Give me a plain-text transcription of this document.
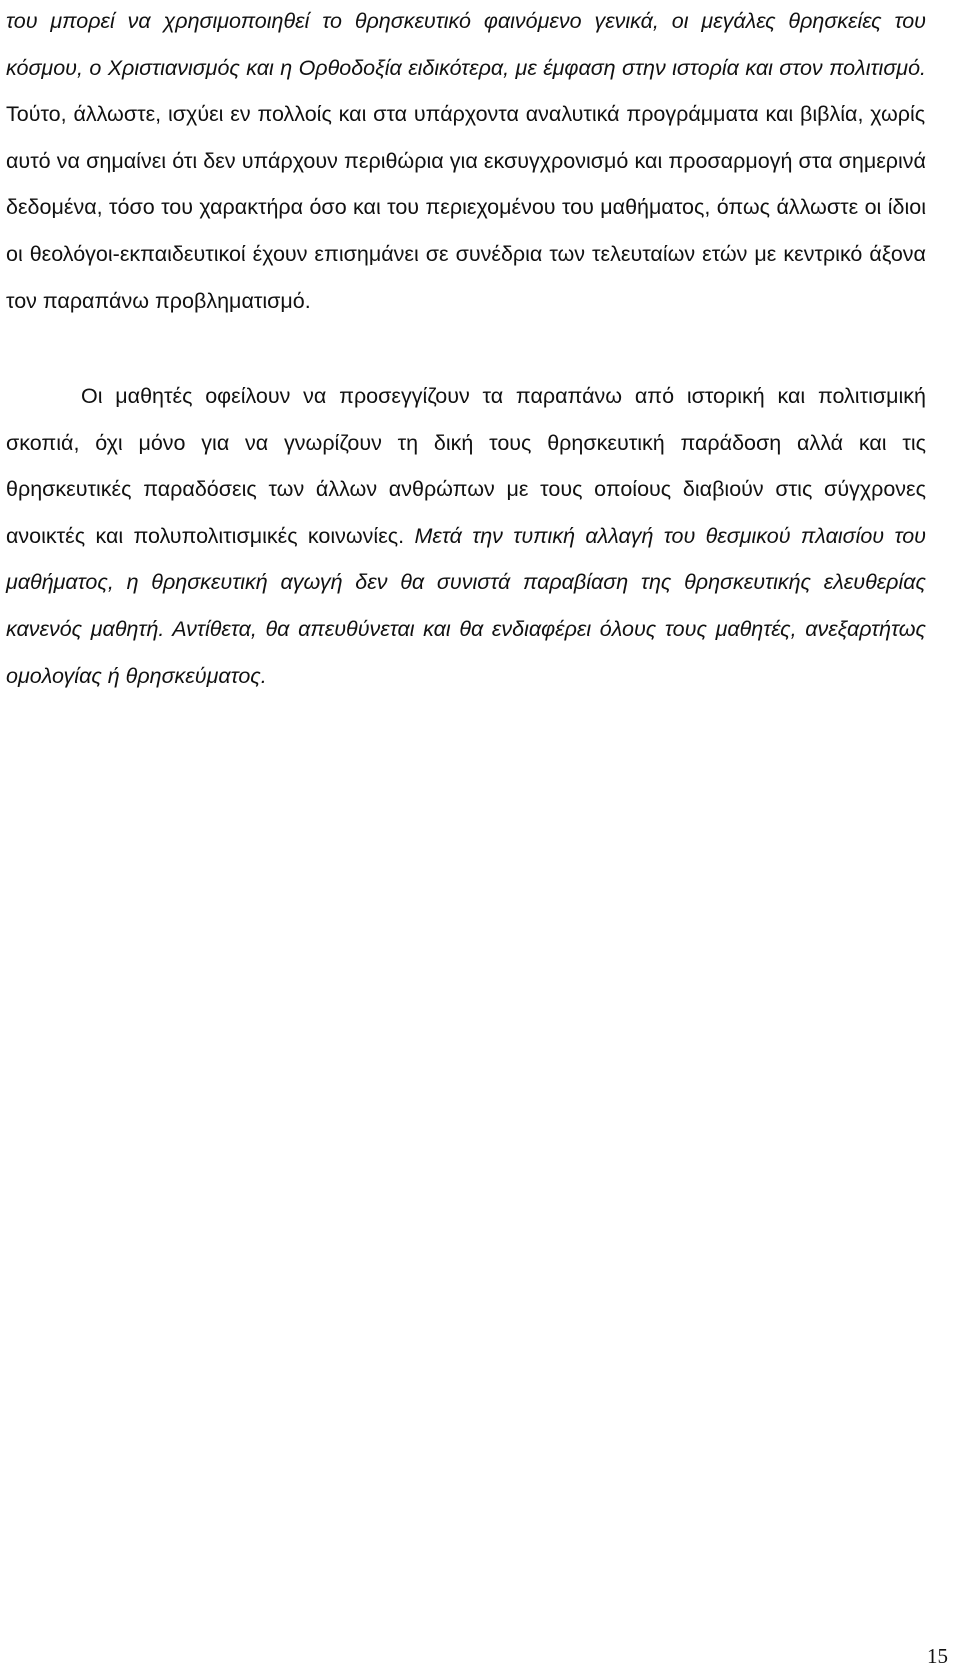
του μπορεί να χρησιμοποιηθεί το θρησκευτικό φαινόμενο γενικά, οι μεγάλες θρησκείες του κόσμου, ο Χριστιανισμός και η Ορθοδοξία ειδικότερα, με έμφαση στην ιστορία και στον πολιτισμό. Τούτο, άλλωστε, ισχύει εν πολλοίς και στα υπάρχοντα αναλυτικά προγράμματα και βιβλία, χωρίς αυτό να σημαίνει ότι δεν υπάρχουν περιθώρια για εκσυγχρονισμό και προσαρμογή στα σημερινά δεδομένα, τόσο του χαρακτήρα όσο και του περιεχομένου του μαθήματος, όπως άλλωστε οι ίδιοι οι θεολόγοι-εκπαιδευτικοί έχουν επισημάνει σε συνέδρια των τελευταίων ετών με κεντρικό άξονα τον παραπάνω προβληματισμό.

Οι μαθητές οφείλουν να προσεγγίζουν τα παραπάνω από ιστορική και πολιτισμική σκοπιά, όχι μόνο για να γνωρίζουν τη δική τους θρησκευτική παράδοση αλλά και τις θρησκευτικές παραδόσεις των άλλων ανθρώπων με τους οποίους διαβιούν στις σύγχρονες ανοικτές και πολυπολιτισμικές κοινωνίες. Μετά την τυπική αλλαγή του θεσμικού πλαισίου του μαθήματος, η θρησκευτική αγωγή δεν θα συνιστά παραβίαση της θρησκευτικής ελευθερίας κανενός μαθητή. Αντίθετα, θα απευθύνεται και θα ενδιαφέρει όλους τους μαθητές, ανεξαρτήτως ομολογίας ή θρησκεύματος.

15
